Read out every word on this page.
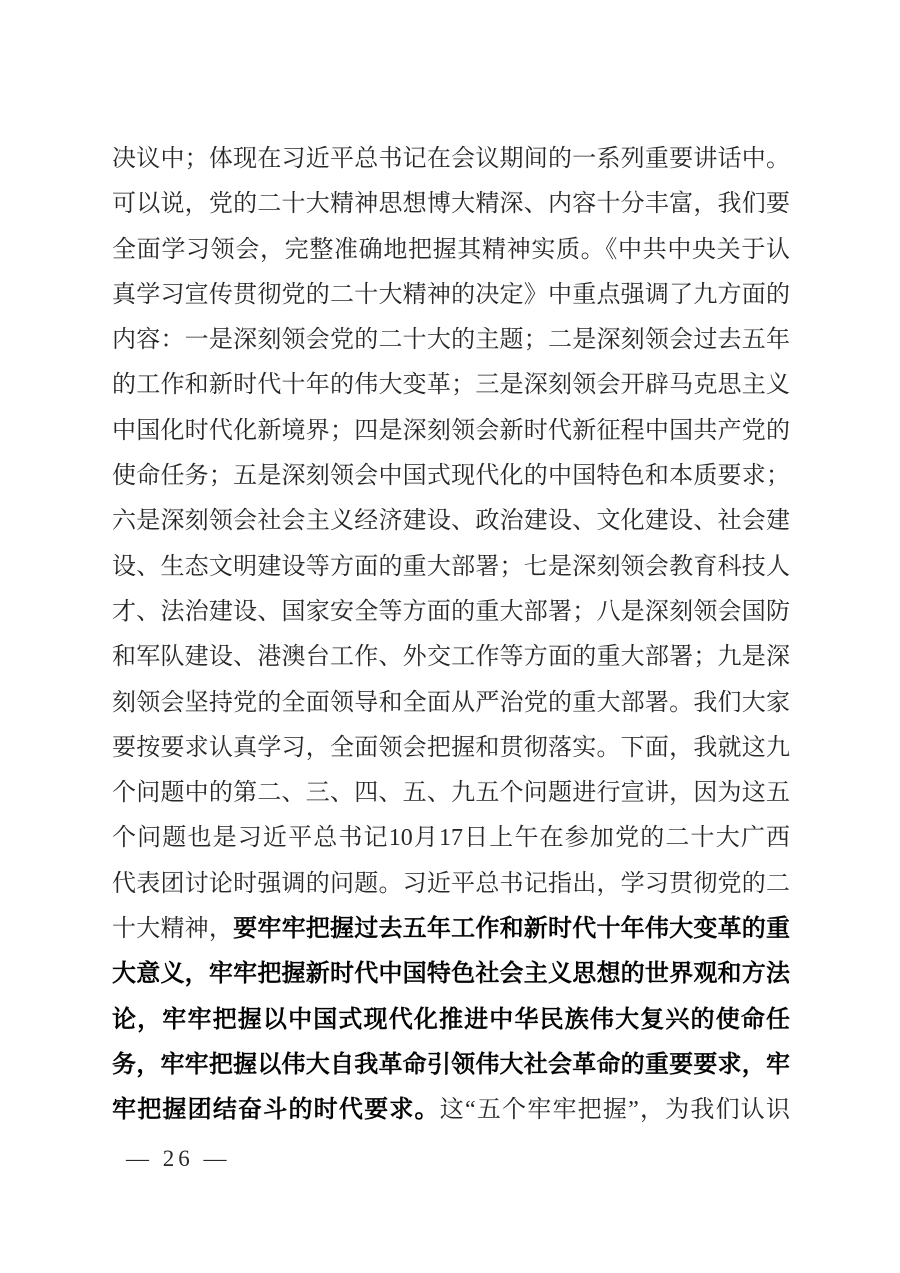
决议中；体现在习近平总书记在会议期间的一系列重要讲话中。
可以说，党的二十大精神思想博大精深、内容十分丰富，我们要
全面学习领会，完整准确地把握其精神实质。《中共中央关于认
真学习宣传贯彻党的二十大精神的决定》中重点强调了九方面的
内容：一是深刻领会党的二十大的主题；二是深刻领会过去五年
的工作和新时代十年的伟大变革；三是深刻领会开辟马克思主义
中国化时代化新境界；四是深刻领会新时代新征程中国共产党的
使命任务；五是深刻领会中国式现代化的中国特色和本质要求；
六是深刻领会社会主义经济建设、政治建设、文化建设、社会建
设、生态文明建设等方面的重大部署；七是深刻领会教育科技人
才、法治建设、国家安全等方面的重大部署；八是深刻领会国防
和军队建设、港澳台工作、外交工作等方面的重大部署；九是深
刻领会坚持党的全面领导和全面从严治党的重大部署。我们大家
要按要求认真学习，全面领会把握和贯彻落实。下面，我就这九
个问题中的第二、三、四、五、九五个问题进行宣讲，因为这五
个问题也是习近平总书记10月17日上午在参加党的二十大广西
代表团讨论时强调的问题。习近平总书记指出，学习贯彻党的二
十大精神，要牢牢把握过去五年工作和新时代十年伟大变革的重
大意义，牢牢把握新时代中国特色社会主义思想的世界观和方法
论，牢牢把握以中国式现代化推进中华民族伟大复兴的使命任
务，牢牢把握以伟大自我革命引领伟大社会革命的重要要求，牢
牢把握团结奋斗的时代要求。这“五个牢牢把握”，为我们认识
— 26 —
